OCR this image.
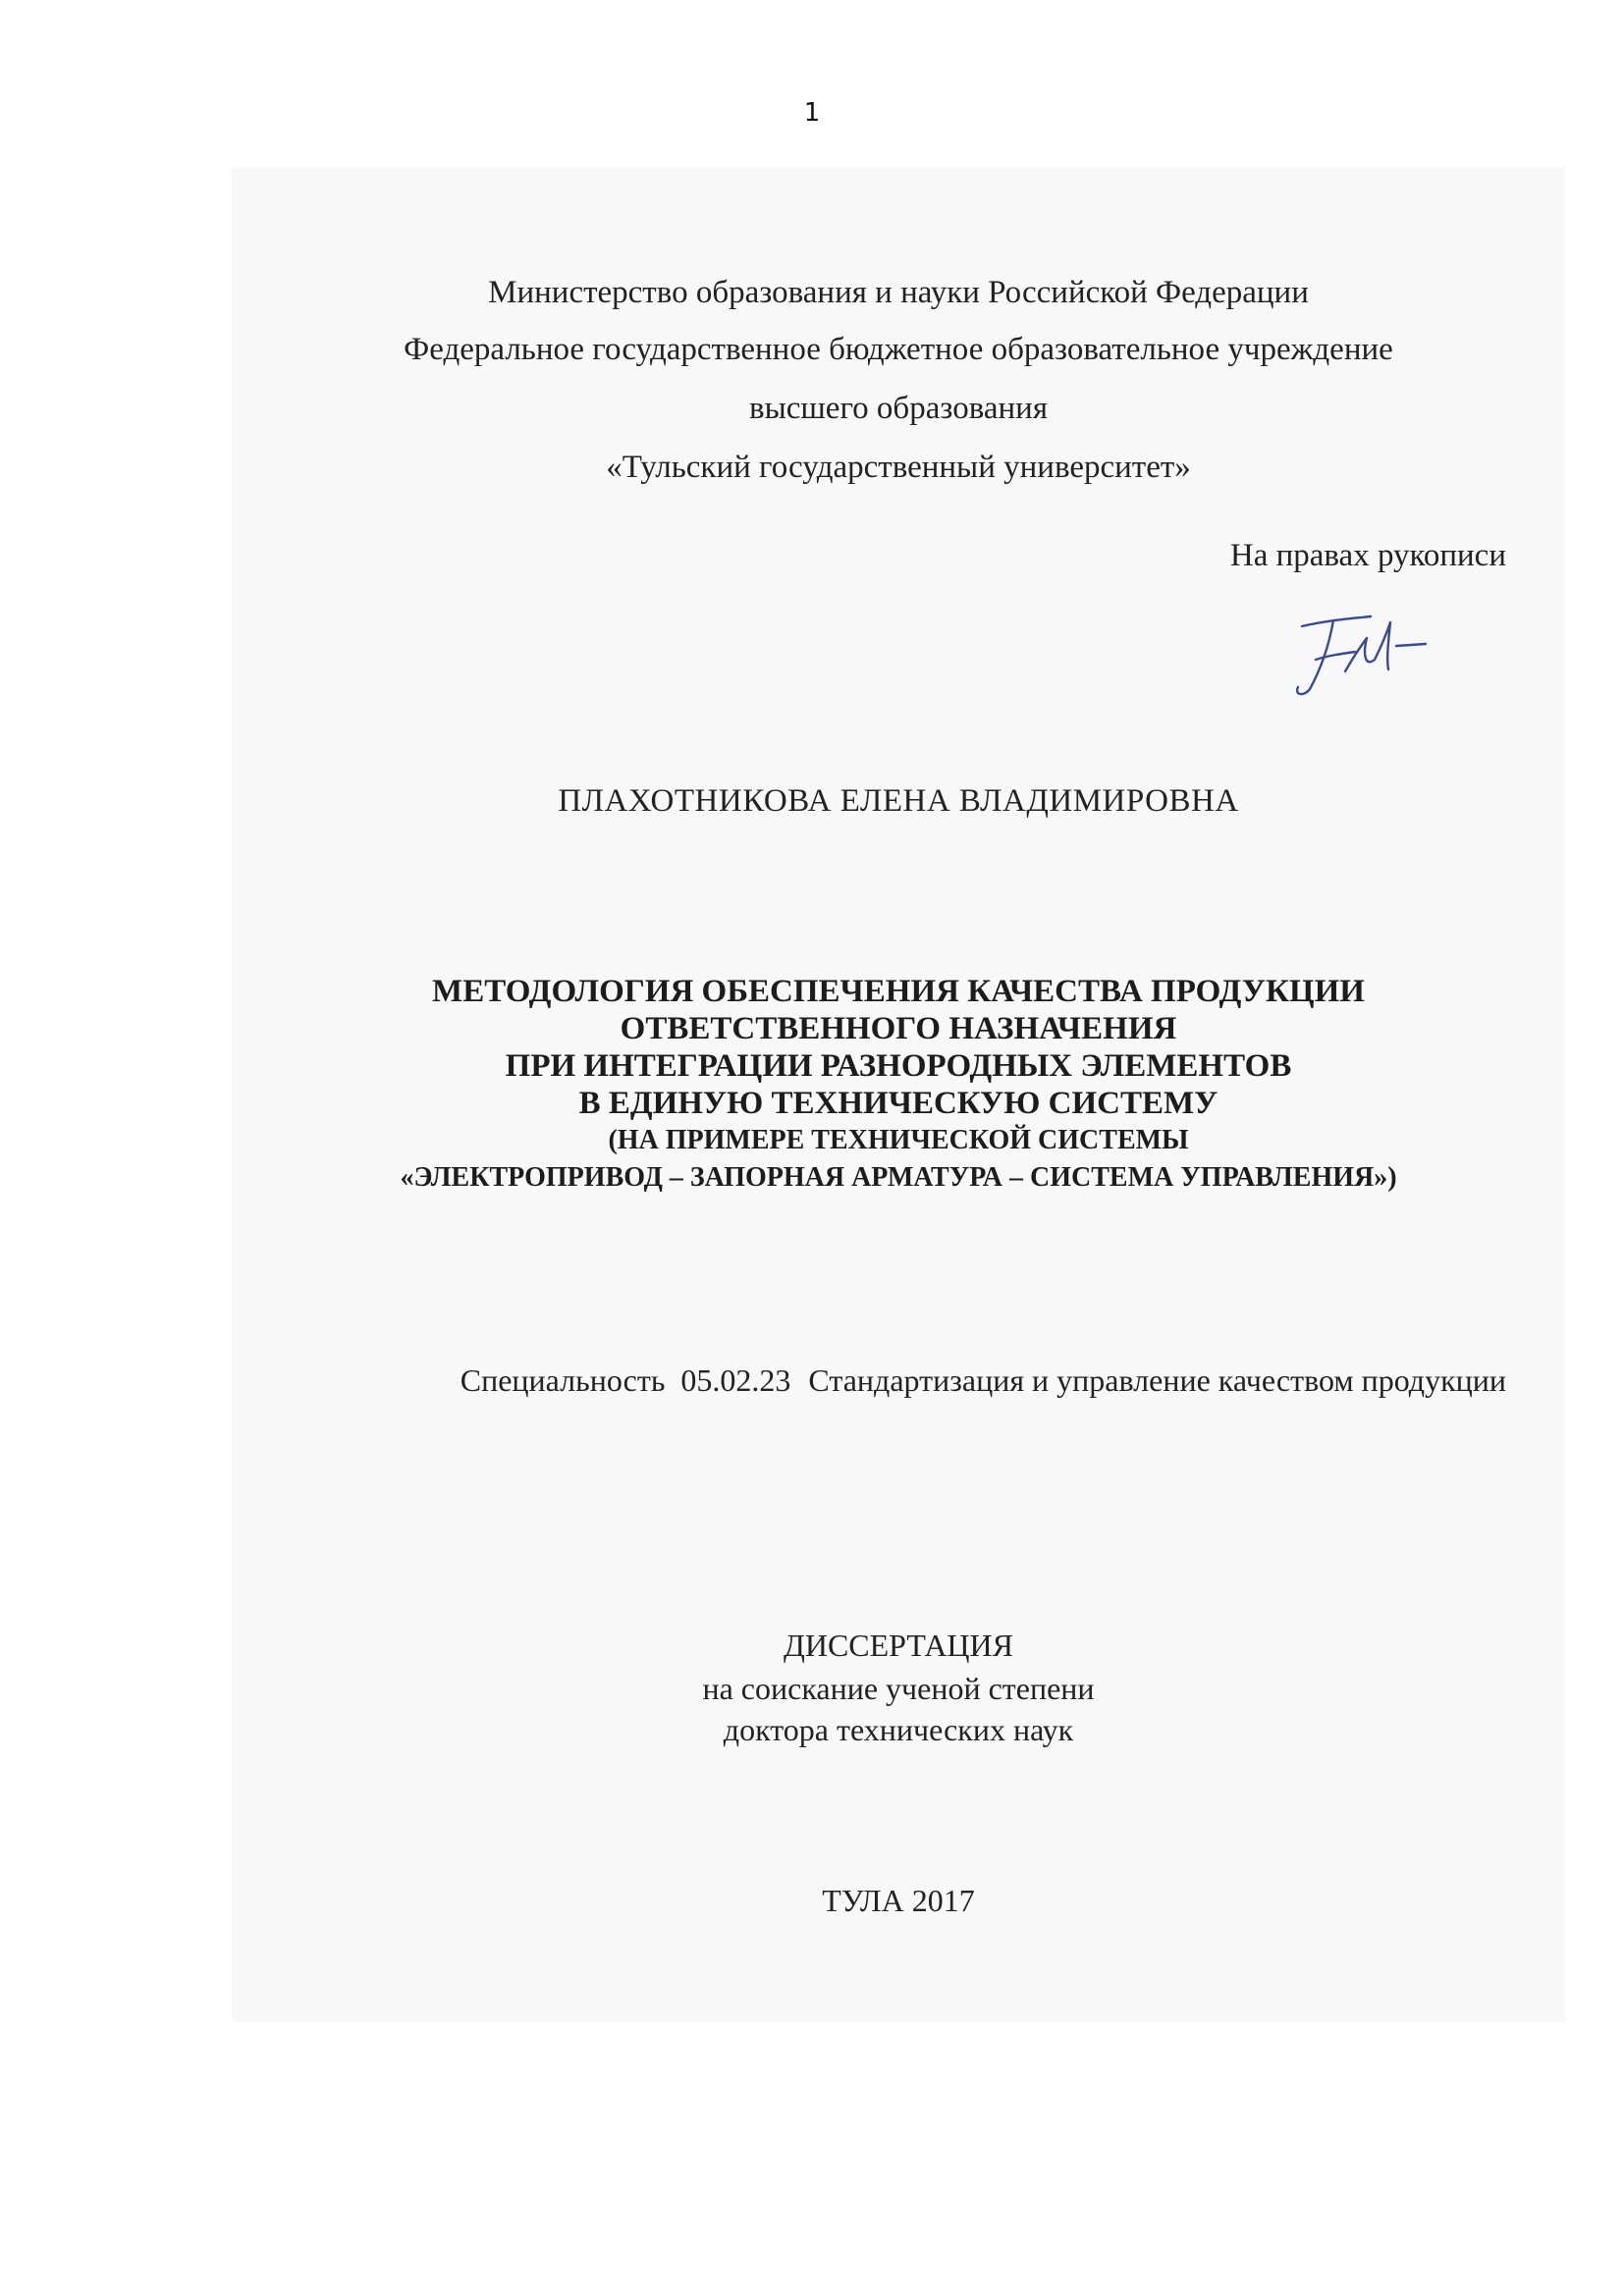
1
Министерство образования и науки Российской Федерации
Федеральное государственное бюджетное образовательное учреждение
высшего образования
«Тульский государственный университет»
На правах рукописи
ПЛАХОТНИКОВА ЕЛЕНА ВЛАДИМИРОВНА
МЕТОДОЛОГИЯ ОБЕСПЕЧЕНИЯ КАЧЕСТВА ПРОДУКЦИИ
ОТВЕТСТВЕННОГО НАЗНАЧЕНИЯ
ПРИ ИНТЕГРАЦИИ РАЗНОРОДНЫХ ЭЛЕМЕНТОВ
В ЕДИНУЮ ТЕХНИЧЕСКУЮ СИСТЕМУ
(НА ПРИМЕРЕ ТЕХНИЧЕСКОЙ СИСТЕМЫ
«ЭЛЕКТРОПРИВОД – ЗАПОРНАЯ АРМАТУРА – СИСТЕМА УПРАВЛЕНИЯ»)
Специальность 05.02.23 Стандартизация и управление качеством продукции
ДИССЕРТАЦИЯ
на соискание ученой степени
доктора технических наук
ТУЛА 2017
